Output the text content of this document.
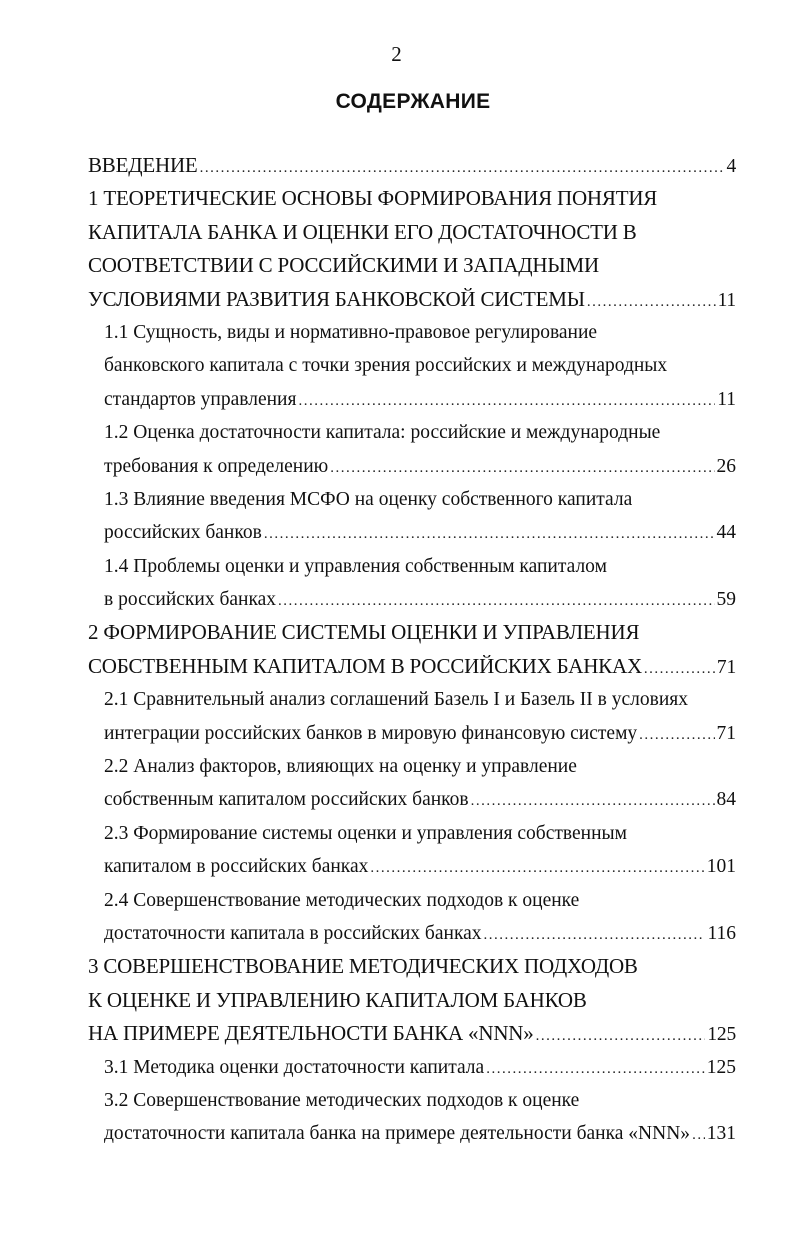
2
СОДЕРЖАНИЕ
ВВЕДЕНИЕ .....	4
1 ТЕОРЕТИЧЕСКИЕ ОСНОВЫ ФОРМИРОВАНИЯ ПОНЯТИЯ
КАПИТАЛА БАНКА И ОЦЕНКИ ЕГО ДОСТАТОЧНОСТИ В
СООТВЕТСТВИИ С РОССИЙСКИМИ И ЗАПАДНЫМИ
УСЛОВИЯМИ РАЗВИТИЯ БАНКОВСКОЙ СИСТЕМЫ .....	11
1.1 Сущность, виды и нормативно-правовое регулирование
банковского капитала с точки зрения российских и международных
стандартов управления .....	11
1.2 Оценка достаточности капитала: российские и международные
требования к определению .....	26
1.3 Влияние введения МСФО на оценку собственного капитала
российских банков .....	44
1.4 Проблемы оценки и управления собственным капиталом
в российских банках .....	59
2 ФОРМИРОВАНИЕ СИСТЕМЫ ОЦЕНКИ И УПРАВЛЕНИЯ
СОБСТВЕННЫМ КАПИТАЛОМ В РОССИЙСКИХ БАНКАХ .....	71
2.1 Сравнительный анализ соглашений Базель I и Базель II в условиях
интеграции российских банков в мировую финансовую систему .....	71
2.2 Анализ факторов, влияющих на оценку и управление
собственным капиталом российских банков .....	84
2.3 Формирование системы оценки и управления собственным
капиталом в российских банках .....	101
2.4 Совершенствование методических подходов к оценке
достаточности капитала в российских банках .....	116
3 СОВЕРШЕНСТВОВАНИЕ МЕТОДИЧЕСКИХ ПОДХОДОВ
К ОЦЕНКЕ И УПРАВЛЕНИЮ КАПИТАЛОМ БАНКОВ
НА ПРИМЕРЕ ДЕЯТЕЛЬНОСТИ БАНКА «NNN» .....	125
3.1 Методика оценки достаточности капитала .....	125
3.2 Совершенствование методических подходов к оценке
достаточности капитала банка на примере деятельности банка «NNN» ..... 131
